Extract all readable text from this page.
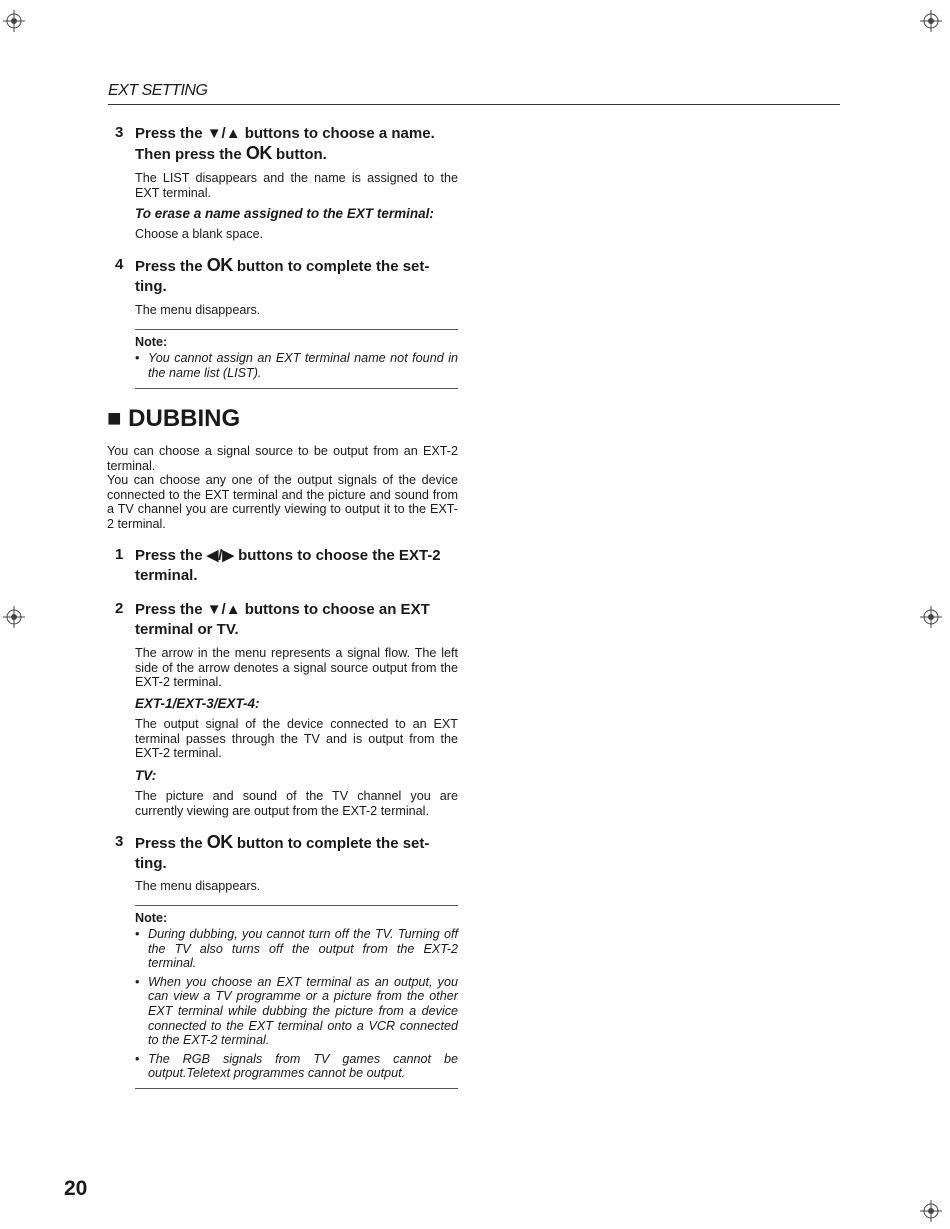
EXT SETTING
3 Press the ▼/▲ buttons to choose a name.
Then press the OK button.
The LIST disappears and the name is assigned to the EXT terminal.
To erase a name assigned to the EXT terminal:
Choose a blank space.
4 Press the OK button to complete the set-
ting.
The menu disappears.
Note:
• You cannot assign an EXT terminal name not found in the name list (LIST).
■ DUBBING
You can choose a signal source to be output from an EXT-2 terminal.
You can choose any one of the output signals of the device connected to the EXT terminal and the picture and sound from a TV channel you are currently viewing to output it to the EXT-2 terminal.
1 Press the ◀/▶ buttons to choose the EXT-2
terminal.
2 Press the ▼/▲ buttons to choose an EXT
terminal or TV.
The arrow in the menu represents a signal flow. The left side of the arrow denotes a signal source output from the EXT-2 terminal.
EXT-1/EXT-3/EXT-4:
The output signal of the device connected to an EXT terminal passes through the TV and is output from the EXT-2 terminal.
TV:
The picture and sound of the TV channel you are currently viewing are output from the EXT-2 terminal.
3 Press the OK button to complete the set-
ting.
The menu disappears.
Note:
• During dubbing, you cannot turn off the TV. Turning off the TV also turns off the output from the EXT-2 terminal.
• When you choose an EXT terminal as an output, you can view a TV programme or a picture from the other EXT terminal while dubbing the picture from a device connected to the EXT terminal onto a VCR connected to the EXT-2 terminal.
• The RGB signals from TV games cannot be output.Teletext programmes cannot be output.
20
